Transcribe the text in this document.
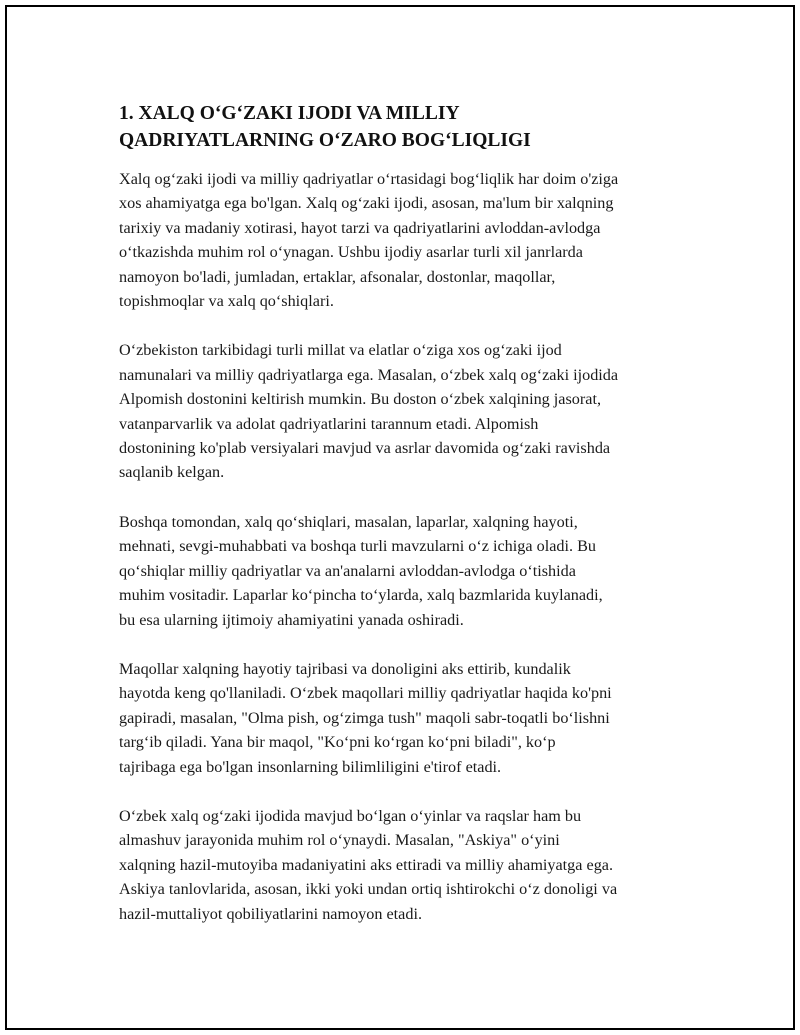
1. XALQ O‘G‘ZAKI IJODI VA MILLIY
QADRIYATLARNING O‘ZARO BOG‘LIQLIGI

Xalq og‘zaki ijodi va milliy qadriyatlar o‘rtasidagi bog‘liqlik har doim o'ziga
xos ahamiyatga ega bo'lgan. Xalq og‘zaki ijodi, asosan, ma'lum bir xalqning
tarixiy va madaniy xotirasi, hayot tarzi va qadriyatlarini avloddan-avlodga
o‘tkazishda muhim rol o‘ynagan. Ushbu ijodiy asarlar turli xil janrlarda
namoyon bo'ladi, jumladan, ertaklar, afsonalar, dostonlar, maqollar,
topishmoqlar va xalq qo‘shiqlari.

O‘zbekiston tarkibidagi turli millat va elatlar o‘ziga xos og‘zaki ijod
namunalari va milliy qadriyatlarga ega. Masalan, o‘zbek xalq og‘zaki ijodida
Alpomish dostonini keltirish mumkin. Bu doston o‘zbek xalqining jasorat,
vatanparvarlik va adolat qadriyatlarini tarannum etadi. Alpomish
dostonining ko'plab versiyalari mavjud va asrlar davomida og‘zaki ravishda
saqlanib kelgan.

Boshqa tomondan, xalq qo‘shiqlari, masalan, laparlar, xalqning hayoti,
mehnati, sevgi-muhabbati va boshqa turli mavzularni o‘z ichiga oladi. Bu
qo‘shiqlar milliy qadriyatlar va an'analarni avloddan-avlodga o‘tishida
muhim vositadir. Laparlar ko‘pincha to‘ylarda, xalq bazmlarida kuylanadi,
bu esa ularning ijtimoiy ahamiyatini yanada oshiradi.

Maqollar xalqning hayotiy tajribasi va donoligini aks ettirib, kundalik
hayotda keng qo'llaniladi. O‘zbek maqollari milliy qadriyatlar haqida ko'pni
gapiradi, masalan, "Olma pish, og‘zimga tush" maqoli sabr-toqatli bo‘lishni
targ‘ib qiladi. Yana bir maqol, "Ko‘pni ko‘rgan ko‘pni biladi", ko‘p
tajribaga ega bo'lgan insonlarning bilimliligini e'tirof etadi.

O‘zbek xalq og‘zaki ijodida mavjud bo‘lgan o‘yinlar va raqslar ham bu
almashuv jarayonida muhim rol o‘ynaydi. Masalan, "Askiya" o‘yini
xalqning hazil-mutoyiba madaniyatini aks ettiradi va milliy ahamiyatga ega.
Askiya tanlovlarida, asosan, ikki yoki undan ortiq ishtirokchi o‘z donoligi va
hazil-muttaliyot qobiliyatlarini namoyon etadi.
